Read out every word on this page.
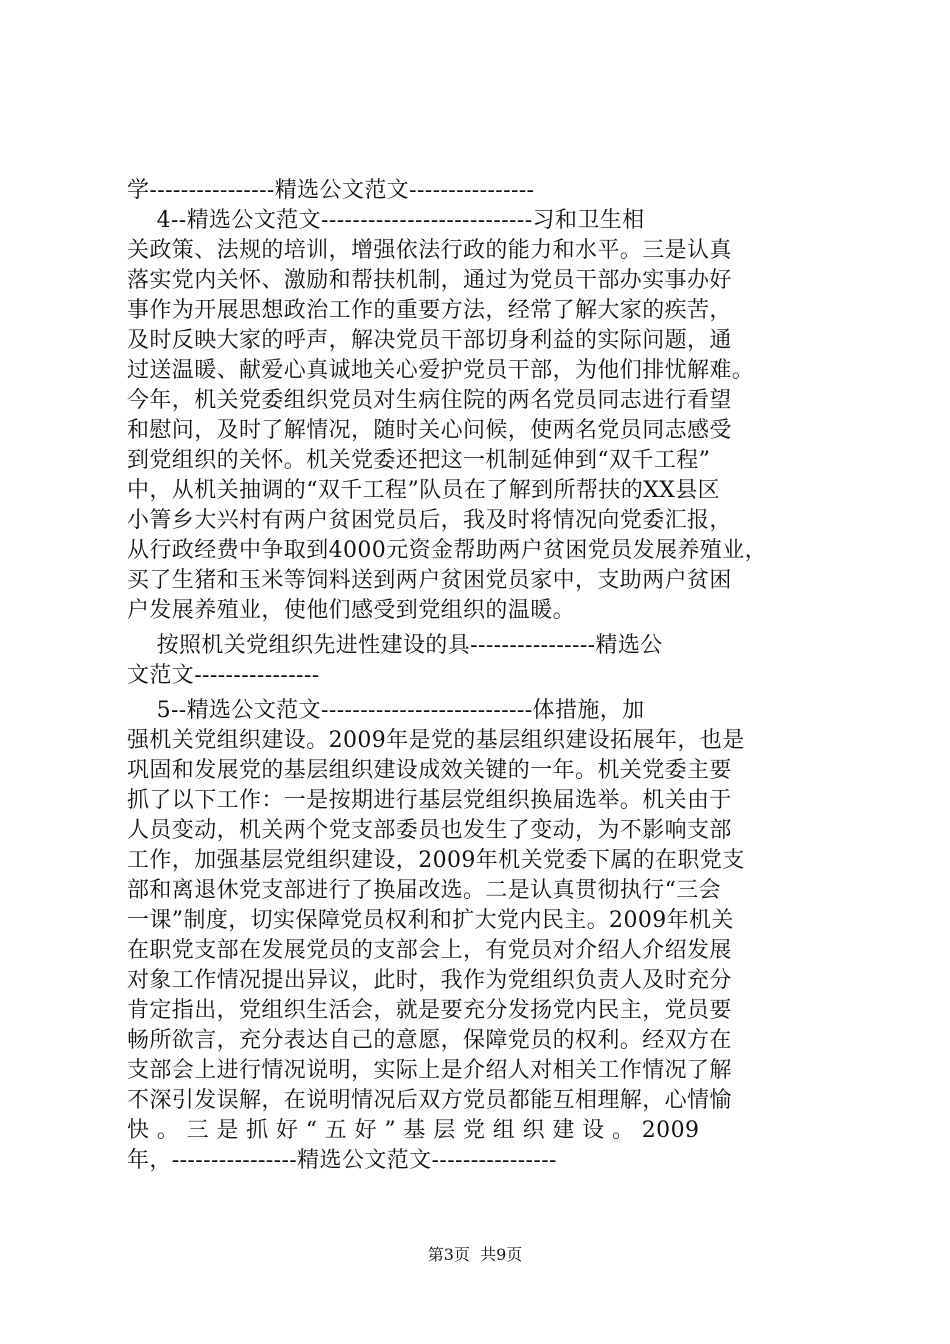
学----------------精选公文范文----------------
4--精选公文范文---------------------------习和卫生相
关政策、法规的培训，增强依法行政的能力和水平。三是认真
落实党内关怀、激励和帮扶机制，通过为党员干部办实事办好
事作为开展思想政治工作的重要方法，经常了解大家的疾苦，
及时反映大家的呼声，解决党员干部切身利益的实际问题，通
过送温暖、献爱心真诚地关心爱护党员干部，为他们排忧解难。
今年，机关党委组织党员对生病住院的两名党员同志进行看望
和慰问，及时了解情况，随时关心问候，使两名党员同志感受
到党组织的关怀。机关党委还把这一机制延伸到“双千工程”
中，从机关抽调的“双千工程”队员在了解到所帮扶的XX县区
小箐乡大兴村有两户贫困党员后，我及时将情况向党委汇报，
从行政经费中争取到4000元资金帮助两户贫困党员发展养殖业，
买了生猪和玉米等饲料送到两户贫困党员家中，支助两户贫困
户发展养殖业，使他们感受到党组织的温暖。
按照机关党组织先进性建设的具----------------精选公
文范文----------------
5--精选公文范文---------------------------体措施，加
强机关党组织建设。2009年是党的基层组织建设拓展年，也是
巩固和发展党的基层组织建设成效关键的一年。机关党委主要
抓了以下工作：一是按期进行基层党组织换届选举。机关由于
人员变动，机关两个党支部委员也发生了变动，为不影响支部
工作，加强基层党组织建设，2009年机关党委下属的在职党支
部和离退休党支部进行了换届改选。二是认真贯彻执行“三会
一课”制度，切实保障党员权利和扩大党内民主。2009年机关
在职党支部在发展党员的支部会上，有党员对介绍人介绍发展
对象工作情况提出异议，此时，我作为党组织负责人及时充分
肯定指出，党组织生活会，就是要充分发扬党内民主，党员要
畅所欲言，充分表达自己的意愿，保障党员的权利。经双方在
支部会上进行情况说明，实际上是介绍人对相关工作情况了解
不深引发误解，在说明情况后双方党员都能互相理解，心情愉
快 。 三 是 抓 好 “ 五 好 ” 基 层 党 组 织 建 设 。 2009
年，----------------精选公文范文----------------
第3页  共9页
